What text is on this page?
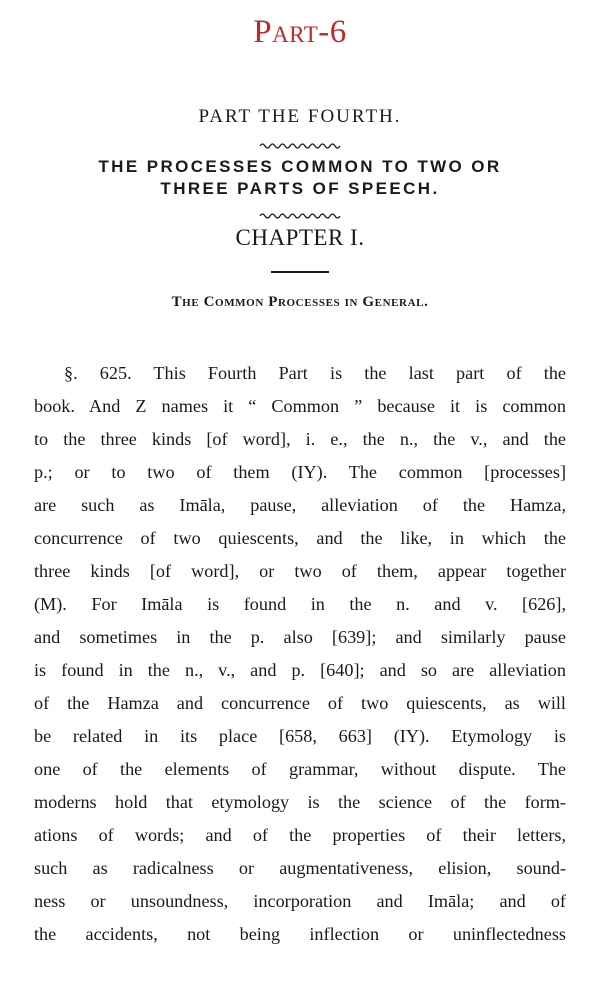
Part-6
PART THE FOURTH.
THE PROCESSES COMMON TO TWO OR
THREE PARTS OF SPEECH.
CHAPTER I.
The Common Processes in General.
§. 625. This Fourth Part is the last part of the
book. And Z names it “ Common ” because it is common
to the three kinds [of word], i. e., the n., the v., and the
p.; or to two of them (IY). The common [processes]
are such as Imāla, pause, alleviation of the Hamza,
concurrence of two quiescents, and the like, in which the
three kinds [of word], or two of them, appear together
(M). For Imāla is found in the n. and v. [626],
and sometimes in the p. also [639]; and similarly pause
is found in the n., v., and p. [640]; and so are alleviation
of the Hamza and concurrence of two quiescents, as will
be related in its place [658, 663] (IY). Etymology is
one of the elements of grammar, without dispute. The
moderns hold that etymology is the science of the form-
ations of words; and of the properties of their letters,
such as radicalness or augmentativeness, elision, sound-
ness or unsoundness, incorporation and Imāla; and of
the accidents, not being inflection or uninflectedness
